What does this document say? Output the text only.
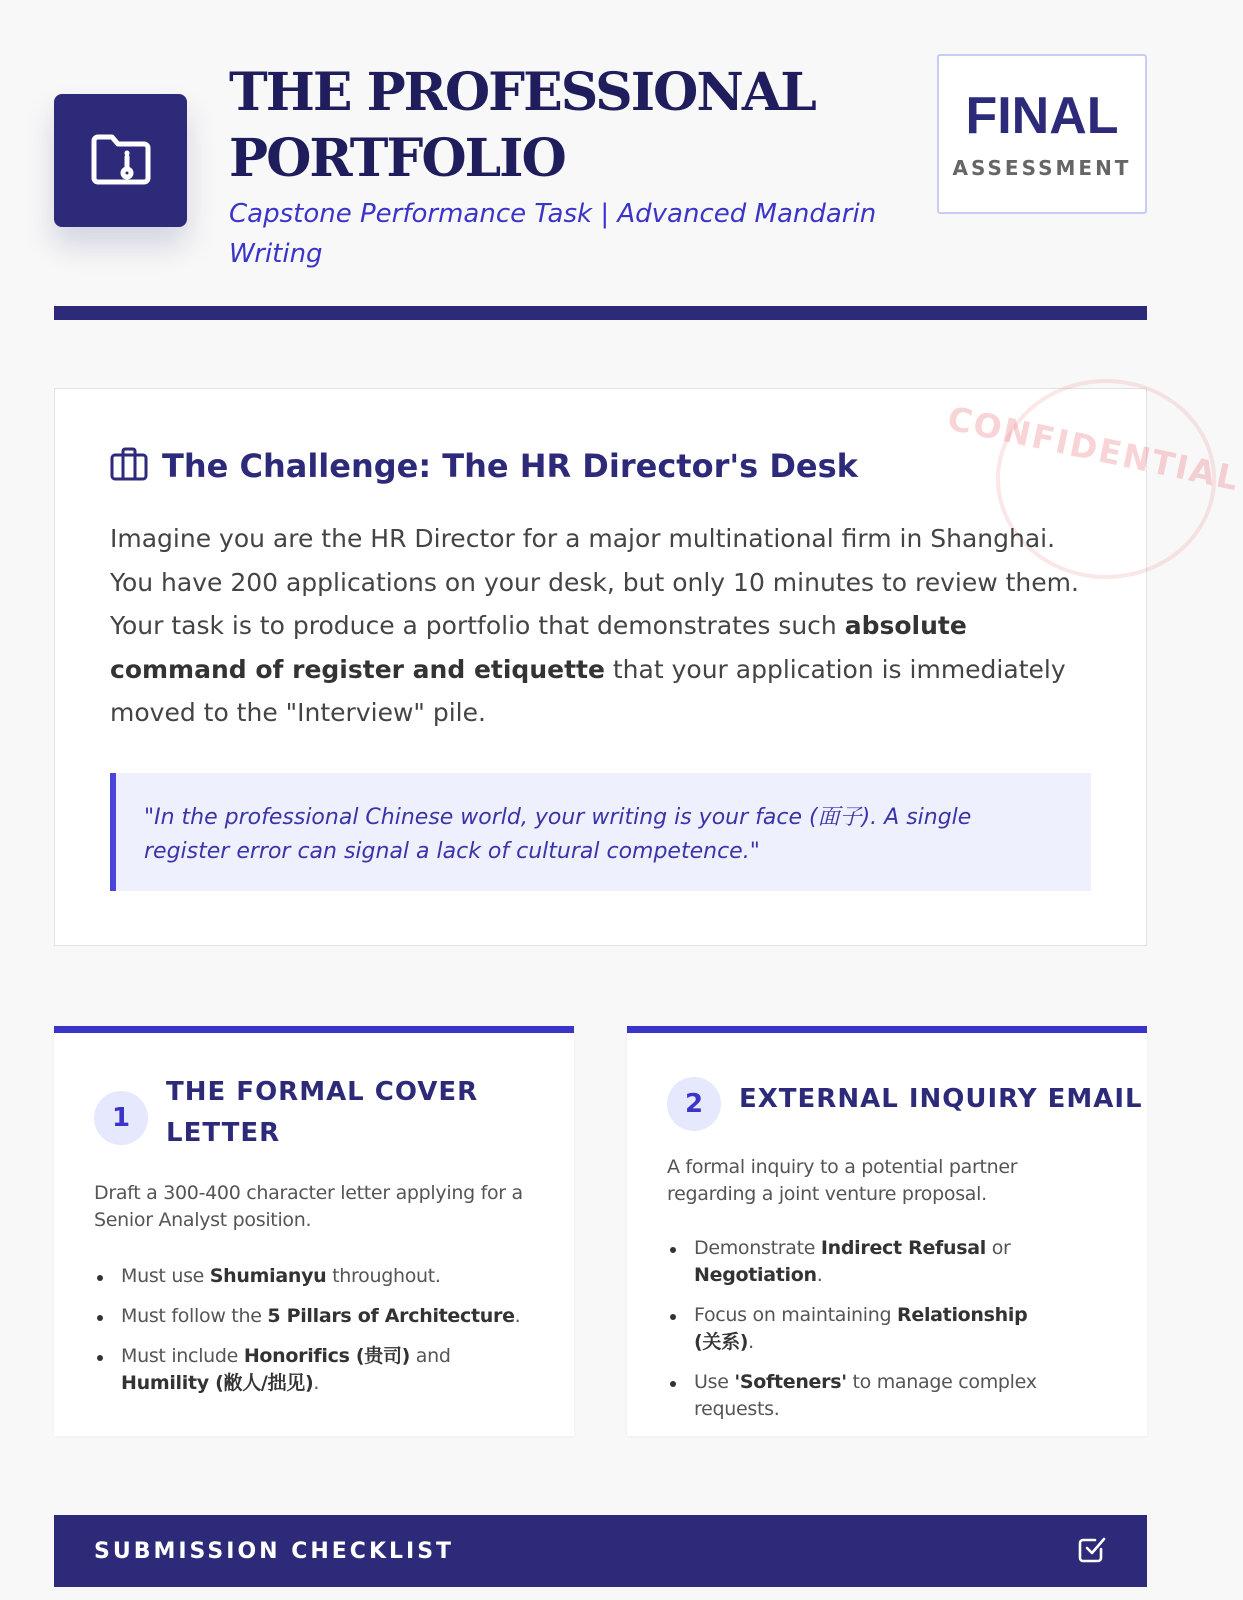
THE PROFESSIONAL
PORTFOLIO
Capstone Performance Task | Advanced Mandarin Writing
FINAL
ASSESSMENT
CONFIDENTIAL
The Challenge: The HR Director's Desk
Imagine you are the HR Director for a major multinational firm in Shanghai. You have 200 applications on your desk, but only 10 minutes to review them. Your task is to produce a portfolio that demonstrates such absolute command of register and etiquette that your application is immediately moved to the "Interview" pile.
"In the professional Chinese world, your writing is your face (面子). A single register error can signal a lack of cultural competence."
1
THE FORMAL COVER LETTER
Draft a 300-400 character letter applying for a Senior Analyst position.
Must use Shumianyu throughout.
Must follow the 5 Pillars of Architecture.
Must include Honorifics (贵司) and Humility (敝人/拙见).
2	EXTERNAL INQUIRY EMAIL
A formal inquiry to a potential partner regarding a joint venture proposal.
Demonstrate Indirect Refusal or Negotiation.
Focus on maintaining Relationship (关系).
Use 'Softeners' to manage complex requests.
SUBMISSION CHECKLIST
